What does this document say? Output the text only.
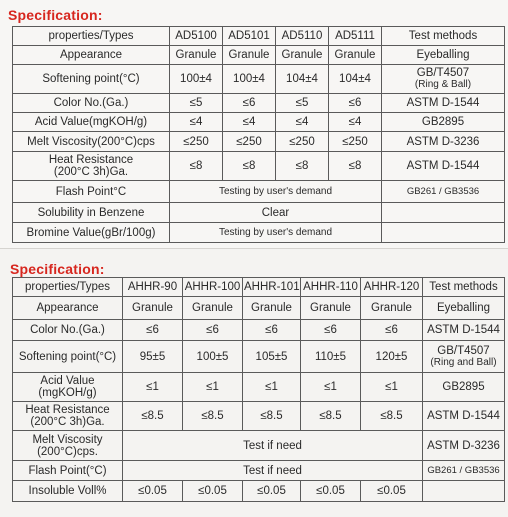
Specification:
properties/Types	AD5100	AD5101	AD5110	AD5111	Test methods
Appearance	Granule	Granule	Granule	Granule	Eyeballing
Softening point(°C)	100±4	100±4	104±4	104±4	GB/T4507
(Ring & Ball)

Color No.(Ga.)	≤5	≤6	≤5	≤6	ASTM D-1544
Acid Value(mgKOH/g)	≤4	≤4	≤4	≤4	GB2895
Melt Viscosity(200°C)cps	≤250	≤250	≤250	≤250	ASTM D-3236

Heat Resistance
(200°C 3h)Ga.	≤8	≤8	≤8	≤8	ASTM D-1544
Flash Point°C	Testing by user's demand				GB261 / GB3536
Solubility in Benzene	Clear				
Bromine Value(gBr/100g)	Testing by user's demand				
Specification:
properties/Types	AHHR-90	AHHR-100	AHHR-101	AHHR-110	AHHR-120	Test methods
Appearance	Granule	Granule	Granule	Granule	Granule	Eyeballing
Color No.(Ga.)	≤6	≤6	≤6	≤6	≤6	ASTM D-1544
Softening point(°C)	95±5	100±5	105±5	110±5	120±5	GB/T4507
(Ring and Ball)

Acid Value
(mgKOH/g)	≤1	≤1	≤1	≤1	≤1	GB2895

Heat Resistance
(200°C 3h)Ga.	≤8.5	≤8.5	≤8.5	≤8.5	≤8.5	ASTM D-1544

Melt Viscosity
(200°C)cps.	Test if need					ASTM D-3236
Flash Point(°C)	Test if need					GB261 / GB3536
Insoluble Voll%	≤0.05	≤0.05	≤0.05	≤0.05	≤0.05	
